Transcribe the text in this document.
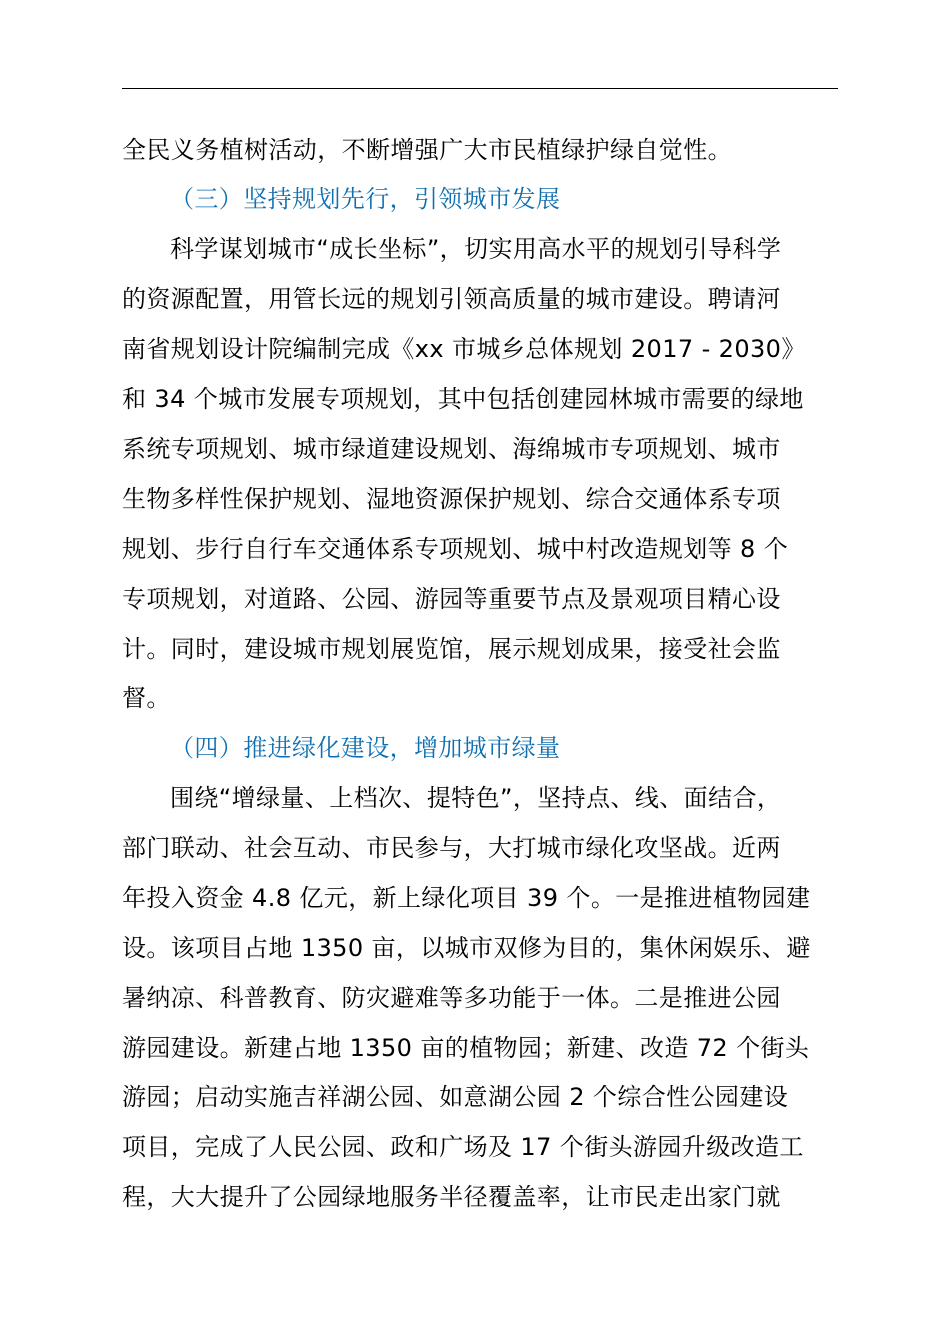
全民义务植树活动，不断增强广大市民植绿护绿自觉性。
（三）坚持规划先行，引领城市发展
科学谋划城市“成长坐标”，切实用高水平的规划引导科学
的资源配置，用管长远的规划引领高质量的城市建设。聘请河
南省规划设计院编制完成《xx 市城乡总体规划 2017 - 2030》
和 34 个城市发展专项规划，其中包括创建园林城市需要的绿地
系统专项规划、城市绿道建设规划、海绵城市专项规划、城市
生物多样性保护规划、湿地资源保护规划、综合交通体系专项
规划、步行自行车交通体系专项规划、城中村改造规划等 8 个
专项规划，对道路、公园、游园等重要节点及景观项目精心设
计。同时，建设城市规划展览馆，展示规划成果，接受社会监
督。
（四）推进绿化建设，增加城市绿量
围绕“增绿量、上档次、提特色”，坚持点、线、面结合，
部门联动、社会互动、市民参与，大打城市绿化攻坚战。近两
年投入资金 4.8 亿元，新上绿化项目 39 个。一是推进植物园建
设。该项目占地 1350 亩，以城市双修为目的，集休闲娱乐、避
暑纳凉、科普教育、防灾避难等多功能于一体。二是推进公园
游园建设。新建占地 1350 亩的植物园；新建、改造 72 个街头
游园；启动实施吉祥湖公园、如意湖公园 2 个综合性公园建设
项目，完成了人民公园、政和广场及 17 个街头游园升级改造工
程，大大提升了公园绿地服务半径覆盖率，让市民走出家门就
